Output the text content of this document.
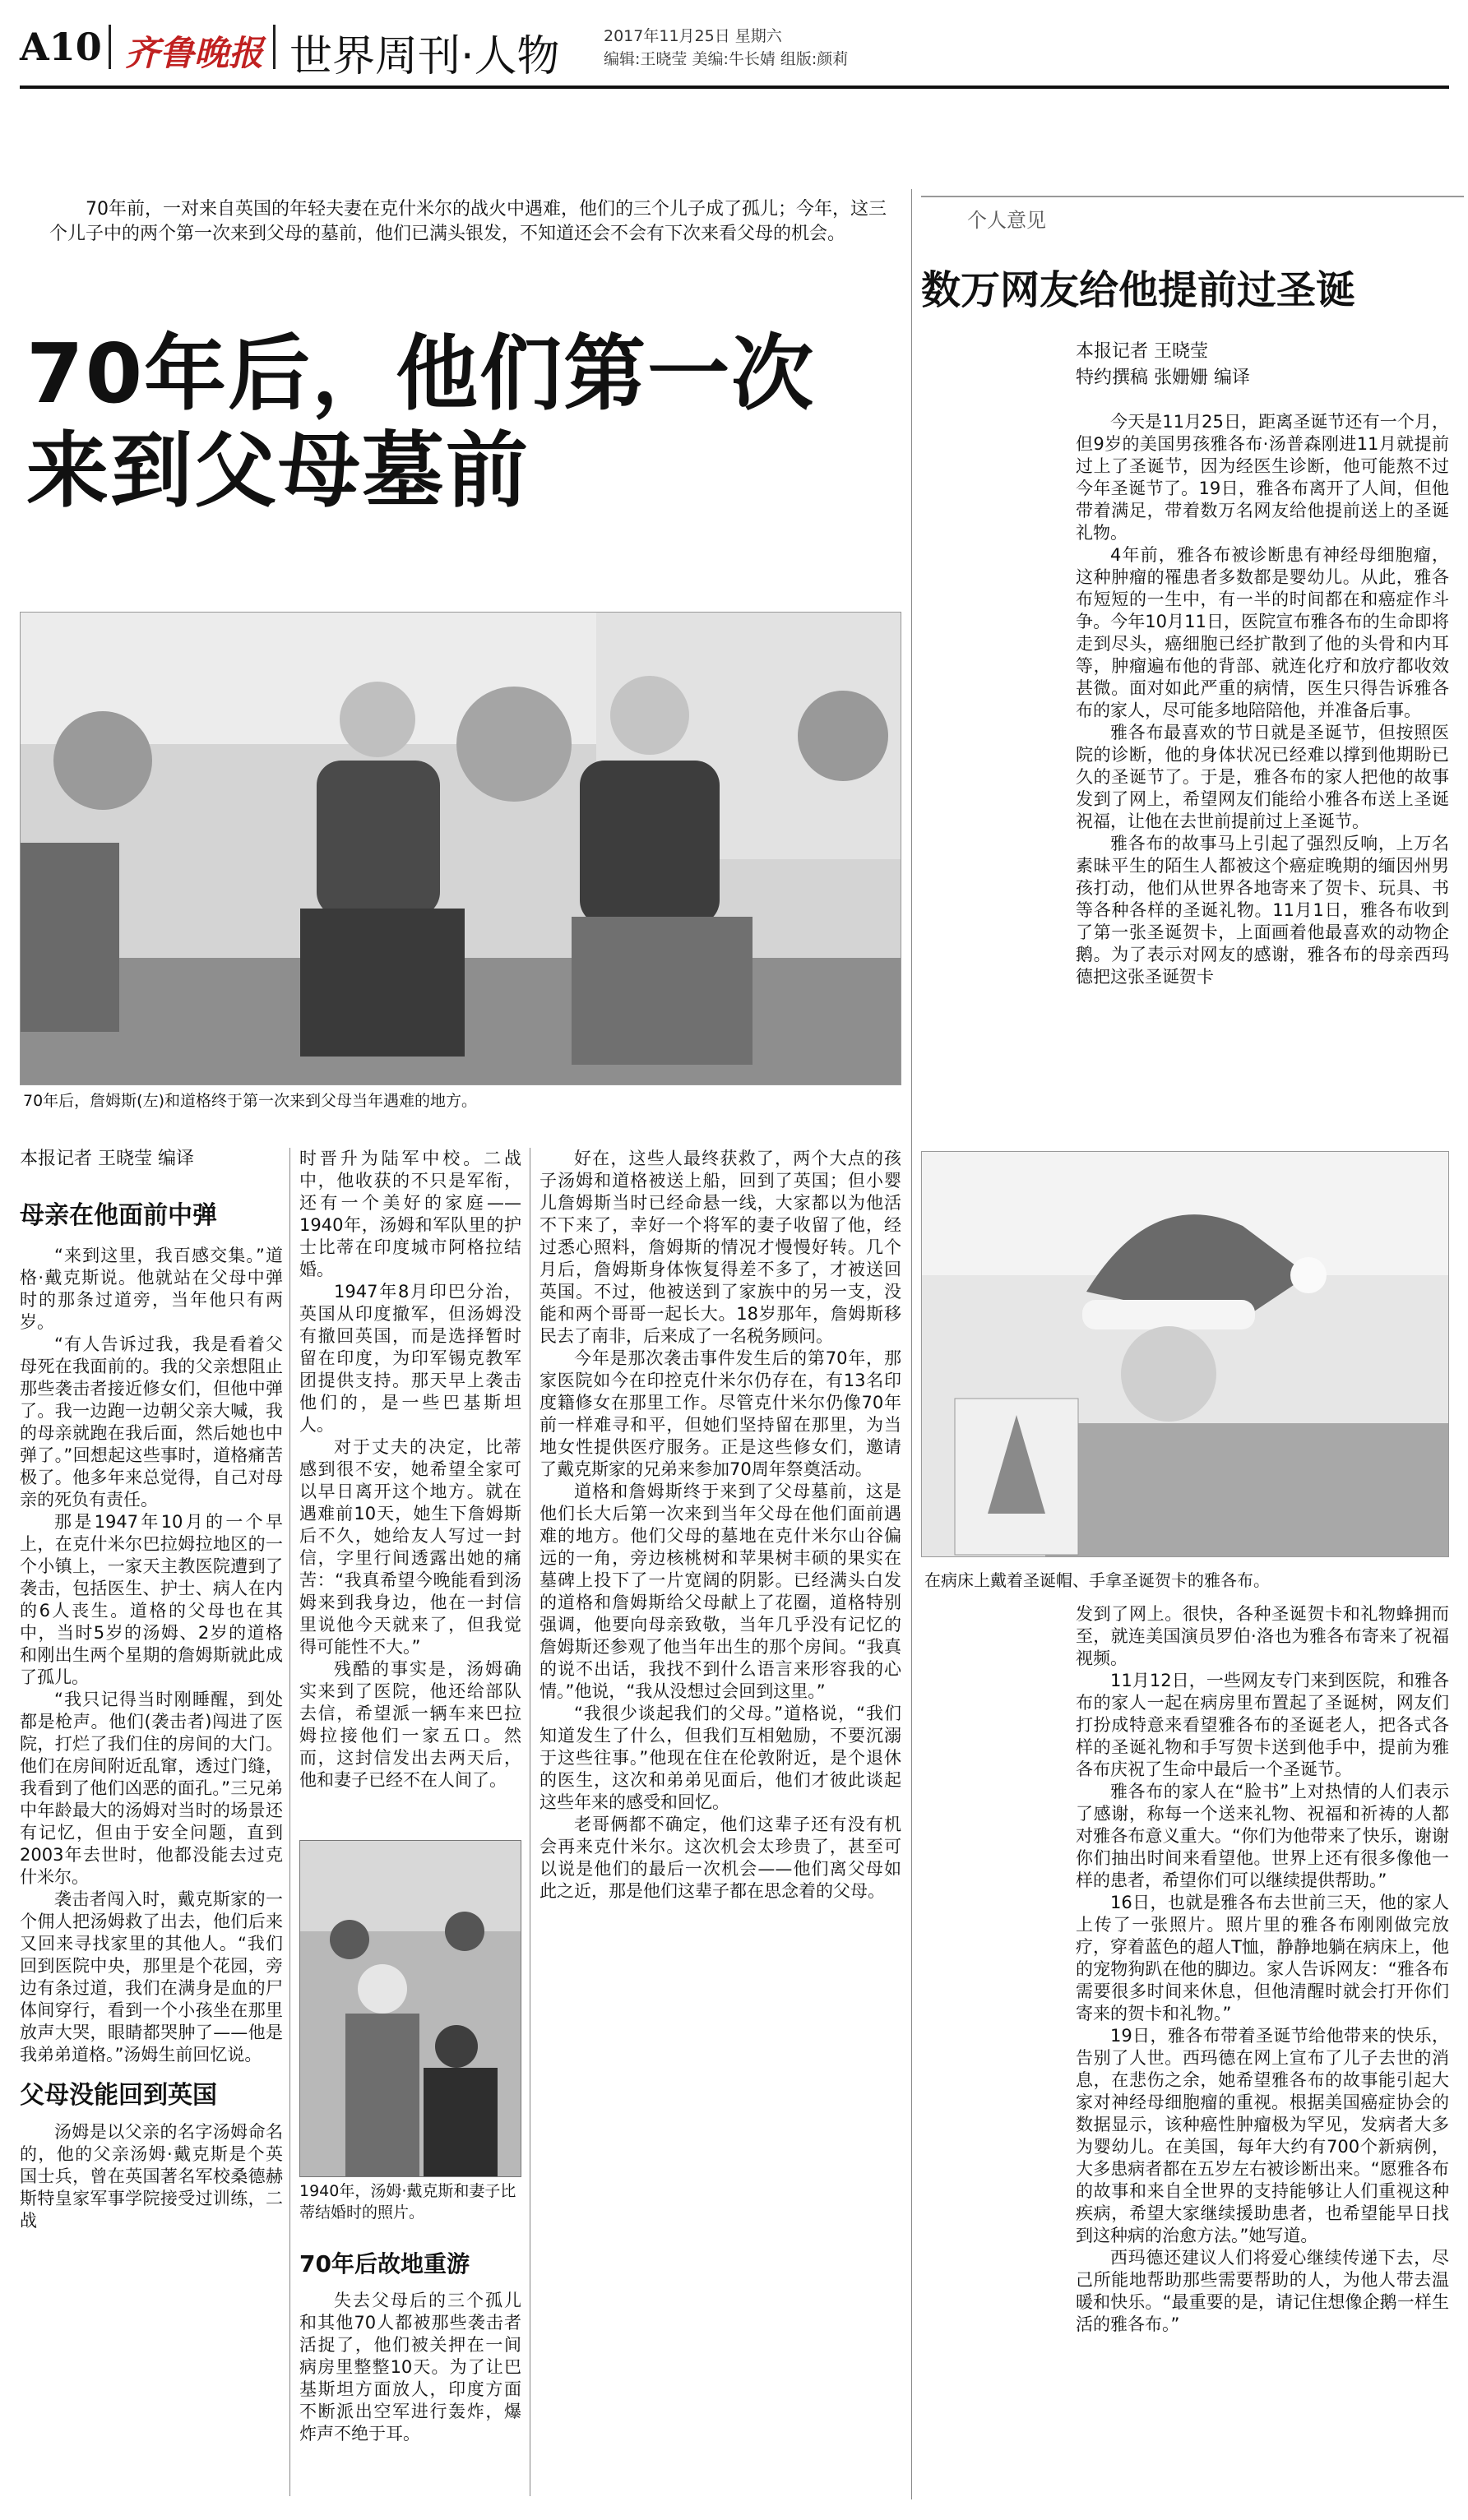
A10 齐鲁晚报 世界周刊·人物	2017年11月25日 星期六
编辑:王晓莹 美编:牛长婧 组版:颜莉
70年前，一对来自英国的年轻夫妻在克什米尔的战火中遇难，他们的三个儿子成了孤儿；今年，这三个儿子中的两个第一次来到父母的墓前，他们已满头银发，不知道还会不会有下次来看父母的机会。
70年后，他们第一次
来到父母墓前
70年后，詹姆斯(左)和道格终于第一次来到父母当年遇难的地方。
本报记者 王晓莹 编译
母亲在他面前中弹

“来到这里，我百感交集。”道格·戴克斯说。他就站在父母中弹时的那条过道旁，当年他只有两岁。

“有人告诉过我，我是看着父母死在我面前的。我的父亲想阻止那些袭击者接近修女们，但他中弹了。我一边跑一边朝父亲大喊，我的母亲就跑在我后面，然后她也中弹了。”回想起这些事时，道格痛苦极了。他多年来总觉得，自己对母亲的死负有责任。

那是1947年10月的一个早上，在克什米尔巴拉姆拉地区的一个小镇上，一家天主教医院遭到了袭击，包括医生、护士、病人在内的6人丧生。道格的父母也在其中，当时5岁的汤姆、2岁的道格和刚出生两个星期的詹姆斯就此成了孤儿。

“我只记得当时刚睡醒，到处都是枪声。他们(袭击者)闯进了医院，打烂了我们住的房间的大门。他们在房间附近乱窜，透过门缝，我看到了他们凶恶的面孔。”三兄弟中年龄最大的汤姆对当时的场景还有记忆，但由于安全问题，直到2003年去世时，他都没能去过克什米尔。

袭击者闯入时，戴克斯家的一个佣人把汤姆救了出去，他们后来又回来寻找家里的其他人。“我们回到医院中央，那里是个花园，旁边有条过道，我们在满身是血的尸体间穿行，看到一个小孩坐在那里放声大哭，眼睛都哭肿了——他是我弟弟道格。”汤姆生前回忆说。

父母没能回到英国

汤姆是以父亲的名字汤姆命名的，他的父亲汤姆·戴克斯是个英国士兵，曾在英国著名军校桑德赫斯特皇家军事学院接受过训练，二战

时晋升为陆军中校。二战中，他收获的不只是军衔，还有一个美好的家庭——1940年，汤姆和军队里的护士比蒂在印度城市阿格拉结婚。

1947年8月印巴分治，英国从印度撤军，但汤姆没有撤回英国，而是选择暂时留在印度，为印军锡克教军团提供支持。那天早上袭击他们的，是一些巴基斯坦人。

对于丈夫的决定，比蒂感到很不安，她希望全家可以早日离开这个地方。就在遇难前10天，她生下詹姆斯后不久，她给友人写过一封信，字里行间透露出她的痛苦：“我真希望今晚能看到汤姆来到我身边，他在一封信里说他今天就来了，但我觉得可能性不大。”

残酷的事实是，汤姆确实来到了医院，他还给部队去信，希望派一辆车来巴拉姆拉接他们一家五口。然而，这封信发出去两天后，他和妻子已经不在人间了。

1940年，汤姆·戴克斯和妻子比蒂结婚时的照片。
70年后故地重游

失去父母后的三个孤儿和其他70人都被那些袭击者活捉了，他们被关押在一间病房里整整10天。为了让巴基斯坦方面放人，印度方面不断派出空军进行轰炸，爆炸声不绝于耳。

好在，这些人最终获救了，两个大点的孩子汤姆和道格被送上船，回到了英国；但小婴儿詹姆斯当时已经命悬一线，大家都以为他活不下来了，幸好一个将军的妻子收留了他，经过悉心照料，詹姆斯的情况才慢慢好转。几个月后，詹姆斯身体恢复得差不多了，才被送回英国。不过，他被送到了家族中的另一支，没能和两个哥哥一起长大。18岁那年，詹姆斯移民去了南非，后来成了一名税务顾问。

今年是那次袭击事件发生后的第70年，那家医院如今在印控克什米尔仍存在，有13名印度籍修女在那里工作。尽管克什米尔仍像70年前一样难寻和平，但她们坚持留在那里，为当地女性提供医疗服务。正是这些修女们，邀请了戴克斯家的兄弟来参加70周年祭奠活动。

道格和詹姆斯终于来到了父母墓前，这是他们长大后第一次来到当年父母在他们面前遇难的地方。他们父母的墓地在克什米尔山谷偏远的一角，旁边核桃树和苹果树丰硕的果实在墓碑上投下了一片宽阔的阴影。已经满头白发的道格和詹姆斯给父母献上了花圈，道格特别强调，他要向母亲致敬，当年几乎没有记忆的詹姆斯还参观了他当年出生的那个房间。“我真的说不出话，我找不到什么语言来形容我的心情。”他说，“我从没想过会回到这里。”

“我很少谈起我们的父母。”道格说，“我们知道发生了什么，但我们互相勉励，不要沉溺于这些往事。”他现在住在伦敦附近，是个退休的医生，这次和弟弟见面后，他们才彼此谈起这些年来的感受和回忆。

老哥俩都不确定，他们这辈子还有没有机会再来克什米尔。这次机会太珍贵了，甚至可以说是他们的最后一次机会——他们离父母如此之近，那是他们这辈子都在思念着的父母。

个人意见
数万网友给他提前过圣诞
本报记者 王晓莹
特约撰稿 张姗姗 编译

今天是11月25日，距离圣诞节还有一个月，但9岁的美国男孩雅各布·汤普森刚进11月就提前过上了圣诞节，因为经医生诊断，他可能熬不过今年圣诞节了。19日，雅各布离开了人间，但他带着满足，带着数万名网友给他提前送上的圣诞礼物。

4年前，雅各布被诊断患有神经母细胞瘤，这种肿瘤的罹患者多数都是婴幼儿。从此，雅各布短短的一生中，有一半的时间都在和癌症作斗争。今年10月11日，医院宣布雅各布的生命即将走到尽头，癌细胞已经扩散到了他的头骨和内耳等，肿瘤遍布他的背部、就连化疗和放疗都收效甚微。面对如此严重的病情，医生只得告诉雅各布的家人，尽可能多地陪陪他，并准备后事。

雅各布最喜欢的节日就是圣诞节，但按照医院的诊断，他的身体状况已经难以撑到他期盼已久的圣诞节了。于是，雅各布的家人把他的故事发到了网上，希望网友们能给小雅各布送上圣诞祝福，让他在去世前提前过上圣诞节。

雅各布的故事马上引起了强烈反响，上万名素昧平生的陌生人都被这个癌症晚期的缅因州男孩打动，他们从世界各地寄来了贺卡、玩具、书等各种各样的圣诞礼物。11月1日，雅各布收到了第一张圣诞贺卡，上面画着他最喜欢的动物企鹅。为了表示对网友的感谢，雅各布的母亲西玛德把这张圣诞贺卡

在病床上戴着圣诞帽、手拿圣诞贺卡的雅各布。

发到了网上。很快，各种圣诞贺卡和礼物蜂拥而至，就连美国演员罗伯·洛也为雅各布寄来了祝福视频。

11月12日，一些网友专门来到医院，和雅各布的家人一起在病房里布置起了圣诞树，网友们打扮成特意来看望雅各布的圣诞老人，把各式各样的圣诞礼物和手写贺卡送到他手中，提前为雅各布庆祝了生命中最后一个圣诞节。

雅各布的家人在“脸书”上对热情的人们表示了感谢，称每一个送来礼物、祝福和祈祷的人都对雅各布意义重大。“你们为他带来了快乐，谢谢你们抽出时间来看望他。世界上还有很多像他一样的患者，希望你们可以继续提供帮助。”

16日，也就是雅各布去世前三天，他的家人上传了一张照片。照片里的雅各布刚刚做完放疗，穿着蓝色的超人T恤，静静地躺在病床上，他的宠物狗趴在他的脚边。家人告诉网友：“雅各布需要很多时间来休息，但他清醒时就会打开你们寄来的贺卡和礼物。”

19日，雅各布带着圣诞节给他带来的快乐，告别了人世。西玛德在网上宣布了儿子去世的消息，在悲伤之余，她希望雅各布的故事能引起大家对神经母细胞瘤的重视。根据美国癌症协会的数据显示，该种癌性肿瘤极为罕见，发病者大多为婴幼儿。在美国，每年大约有700个新病例，大多患病者都在五岁左右被诊断出来。“愿雅各布的故事和来自全世界的支持能够让人们重视这种疾病，希望大家继续援助患者，也希望能早日找到这种病的治愈方法。”她写道。

西玛德还建议人们将爱心继续传递下去，尽己所能地帮助那些需要帮助的人，为他人带去温暖和快乐。“最重要的是，请记住想像企鹅一样生活的雅各布。”
